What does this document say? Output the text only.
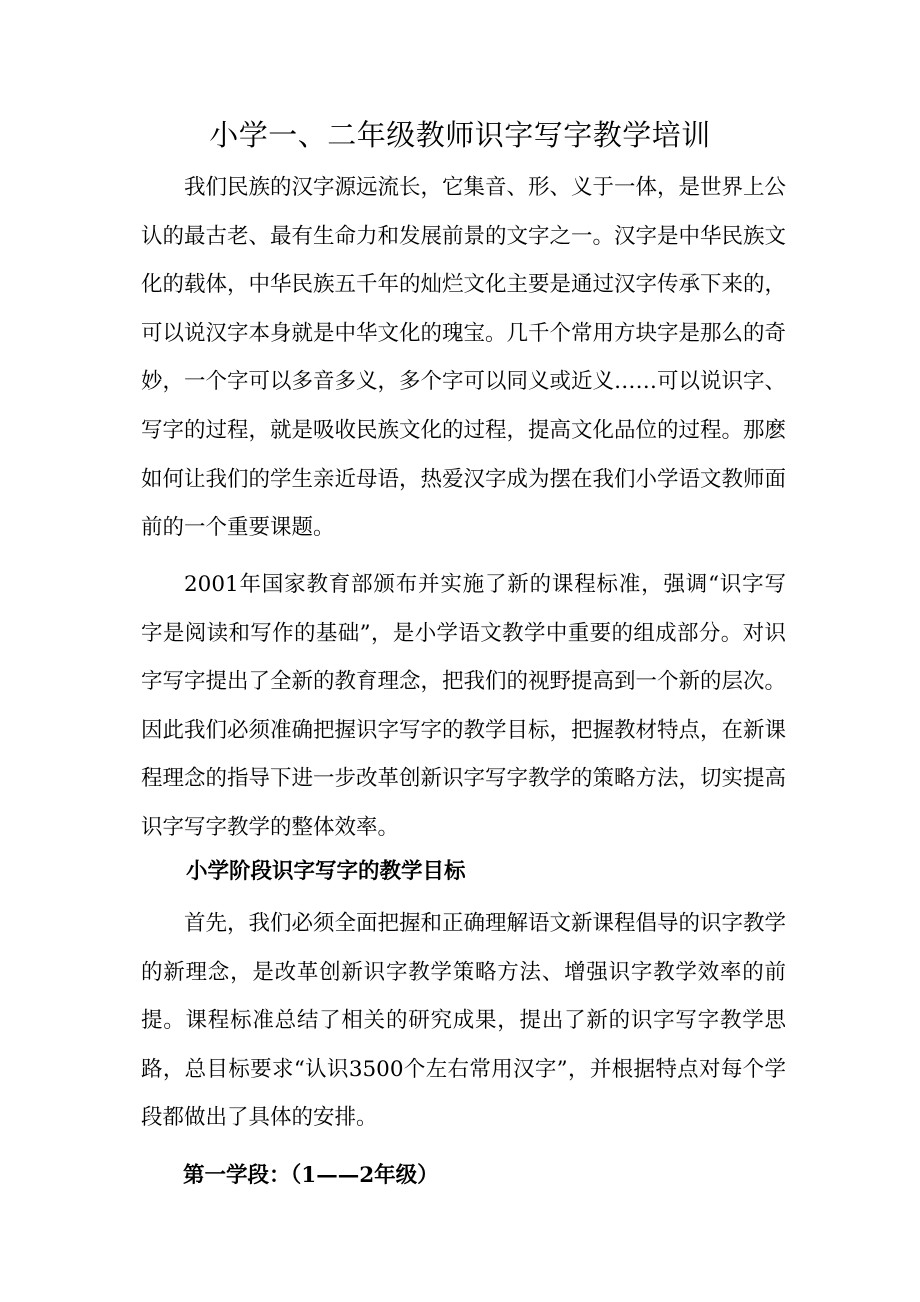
小学一、二年级教师识字写字教学培训

我们民族的汉字源远流长，它集音、形、义于一体，是世界上公认的最古老、最有生命力和发展前景的文字之一。汉字是中华民族文化的载体，中华民族五千年的灿烂文化主要是通过汉字传承下来的，可以说汉字本身就是中华文化的瑰宝。几千个常用方块字是那么的奇妙，一个字可以多音多义，多个字可以同义或近义……可以说识字、写字的过程，就是吸收民族文化的过程，提高文化品位的过程。那麽如何让我们的学生亲近母语，热爱汉字成为摆在我们小学语文教师面前的一个重要课题。

2001年国家教育部颁布并实施了新的课程标准，强调“识字写字是阅读和写作的基础”，是小学语文教学中重要的组成部分。对识字写字提出了全新的教育理念，把我们的视野提高到一个新的层次。因此我们必须准确把握识字写字的教学目标，把握教材特点，在新课程理念的指导下进一步改革创新识字写字教学的策略方法，切实提高识字写字教学的整体效率。

小学阶段识字写字的教学目标

首先，我们必须全面把握和正确理解语文新课程倡导的识字教学的新理念，是改革创新识字教学策略方法、增强识字教学效率的前提。课程标准总结了相关的研究成果，提出了新的识字写字教学思路，总目标要求“认识3500个左右常用汉字”，并根据特点对每个学段都做出了具体的安排。

第一学段：（1——2年级）
